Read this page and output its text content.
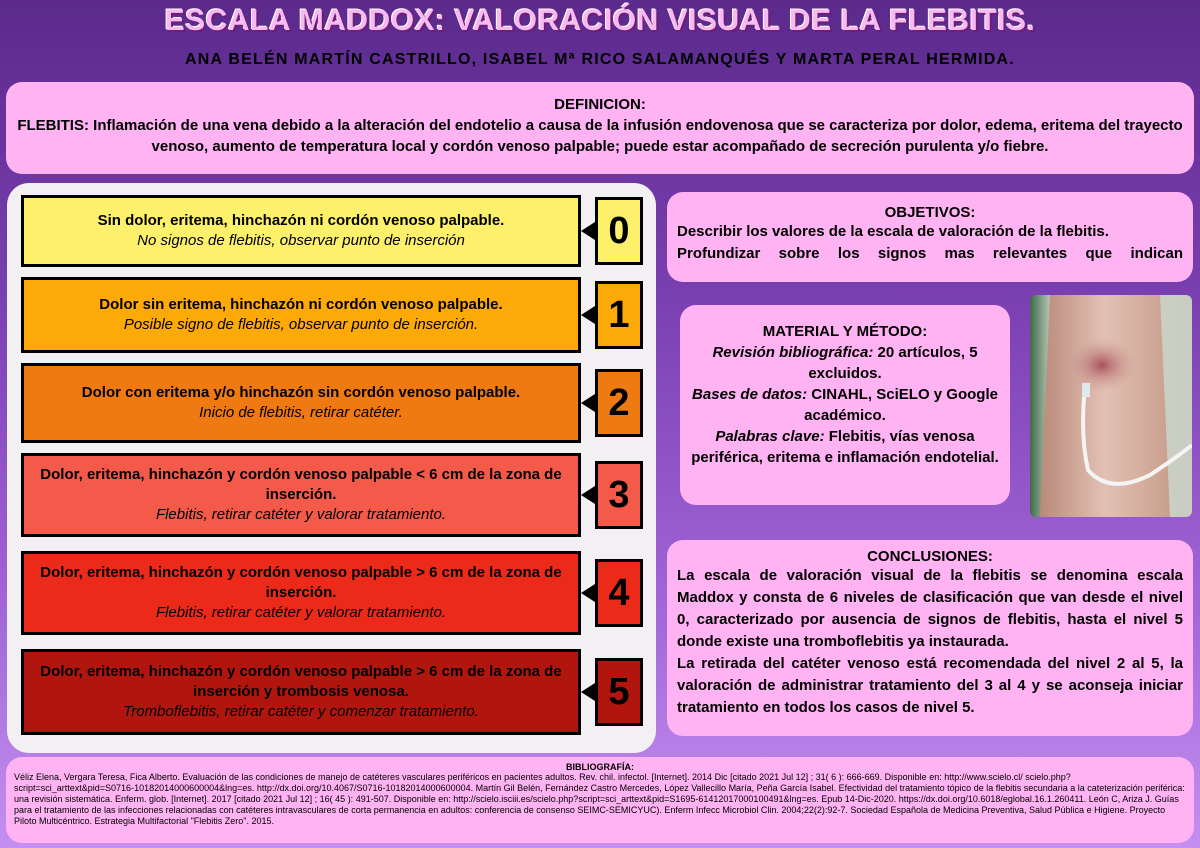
ESCALA MADDOX: VALORACIÓN VISUAL DE LA FLEBITIS.
ANA BELÉN MARTÍN CASTRILLO, ISABEL Mª RICO SALAMANQUÉS Y MARTA PERAL HERMIDA.
DEFINICION:

FLEBITIS: Inflamación de una vena debido a la alteración del endotelio a causa de la infusión endovenosa que se caracteriza por dolor, edema, eritema del trayecto venoso, aumento de temperatura local y cordón venoso palpable; puede estar acompañado de secreción purulenta y/o fiebre.

Sin dolor, eritema, hinchazón ni cordón venoso palpable.
No signos de flebitis, observar punto de inserción	0
Dolor sin eritema, hinchazón ni cordón venoso palpable.
Posible signo de flebitis, observar punto de inserción.	1
Dolor con eritema y/o hinchazón sin cordón venoso palpable.
Inicio de flebitis, retirar catéter.	2
Dolor, eritema, hinchazón y cordón venoso palpable < 6 cm de la zona de inserción.
Flebitis, retirar catéter y valorar tratamiento.	3
Dolor, eritema, hinchazón y cordón venoso palpable > 6 cm de la zona de inserción.
Flebitis, retirar catéter y valorar tratamiento.	4
Dolor, eritema, hinchazón y cordón venoso palpable > 6 cm de la zona de inserción y trombosis venosa.
Tromboflebitis, retirar catéter y comenzar tratamiento.	5
OBJETIVOS:

Describir los valores de la escala de valoración de la flebitis.

Profundizar sobre los signos mas relevantes que indican

MATERIAL Y MÉTODO:

Revisión bibliográfica: 20 artículos, 5 excluidos.

Bases de datos: CINAHL, SciELO y Google académico.

Palabras clave: Flebitis, vías venosa periférica, eritema e inflamación endotelial.

CONCLUSIONES:

La escala de valoración visual de la flebitis se denomina escala Maddox y consta de 6 niveles de clasificación que van desde el nivel 0, caracterizado por ausencia de signos de flebitis, hasta el nivel 5 donde existe una tromboflebitis ya instaurada.

La retirada del catéter venoso está recomendada del nivel 2 al 5, la valoración de administrar tratamiento del 3 al 4 y se aconseja iniciar tratamiento en todos los casos de nivel 5.

BIBLIOGRAFÍA:

Véliz Elena, Vergara Teresa, Fica Alberto. Evaluación de las condiciones de manejo de catéteres vasculares periféricos en pacientes adultos. Rev. chil. infectol. [Internet]. 2014 Dic [citado 2021 Jul 12] ; 31( 6 ): 666-669. Disponible en: http://www.scielo.cl/ scielo.php?script=sci_arttext&pid=S0716-10182014000600004&lng=es. http://dx.doi.org/10.4067/S0716-10182014000600004. Martín Gil Belén, Fernández Castro Mercedes, López Vallecillo María, Peña García Isabel. Efectividad del tratamiento tópico de la flebitis secundaria a la cateterización periférica: una revisión sistemática. Enferm. glob. [Internet]. 2017 [citado 2021 Jul 12] ; 16( 45 ): 491-507. Disponible en: http://scielo.isciii.es/scielo.php?script=sci_arttext&pid=S1695-61412017000100491&lng=es. Epub 14-Dic-2020. https://dx.doi.org/10.6018/eglobal.16.1.260411. León C, Ariza J. Guías para el tratamiento de las infecciones relacionadas con catéteres intravasculares de corta permanencia en adultos: conferencia de consenso SEIMC-SEMICYUC). Enferm Infecc Microbiol Clin. 2004;22(2):92-7. Sociedad Española de Medicina Preventiva, Salud Pública e Higiene. Proyecto Piloto Multicéntrico. Estrategia Multifactorial "Flebitis Zero". 2015.
